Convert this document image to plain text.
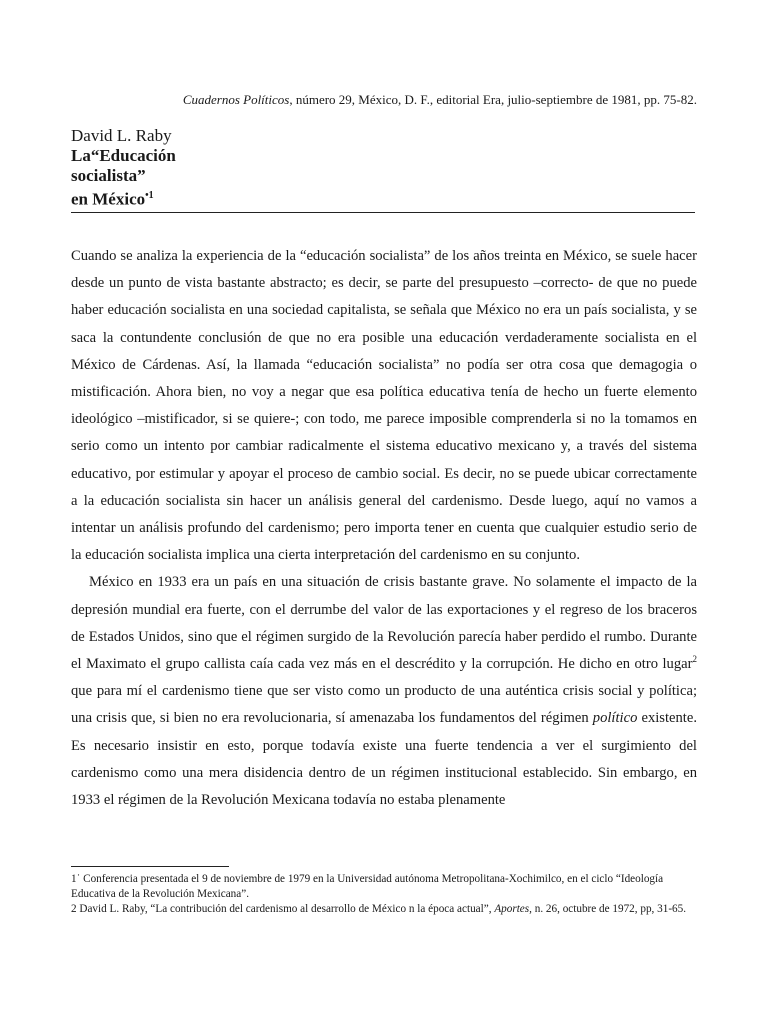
Cuadernos Políticos, número 29, México, D. F., editorial Era, julio-septiembre de 1981, pp. 75-82.
David L. Raby
La“Educación
socialista”
en México$^{•1}$

Cuando se analiza la experiencia de la “educación socialista” de los años treinta en México, se suele hacer desde un punto de vista bastante abstracto; es decir, se parte del presupuesto –correcto- de que no puede haber educación socialista en una sociedad capitalista, se señala que México no era un país socialista, y se saca la contundente conclusión de que no era posible una educación verdaderamente socialista en el México de Cárdenas. Así, la llamada “educación socialista” no podía ser otra cosa que demagogia o mistificación. Ahora bien, no voy a negar que esa política educativa tenía de hecho un fuerte elemento ideológico –mistificador, si se quiere-; con todo, me parece imposible comprenderla si no la tomamos en serio como un intento por cambiar radicalmente el sistema educativo mexicano y, a través del sistema educativo, por estimular y apoyar el proceso de cambio social. Es decir, no se puede ubicar correctamente a la educación socialista sin hacer un análisis general del cardenismo. Desde luego, aquí no vamos a intentar un análisis profundo del cardenismo; pero importa tener en cuenta que cualquier estudio serio de la educación socialista implica una cierta interpretación del cardenismo en su conjunto.

México en 1933 era un país en una situación de crisis bastante grave. No solamente el impacto de la depresión mundial era fuerte, con el derrumbe del valor de las exportaciones y el regreso de los braceros de Estados Unidos, sino que el régimen surgido de la Revolución parecía haber perdido el rumbo. Durante el Maximato el grupo callista caía cada vez más en el descrédito y la corrupción. He dicho en otro lugar$^2$ que para mí el cardenismo tiene que ser visto como un producto de una auténtica crisis social y política; una crisis que, si bien no era revolucionaria, sí amenazaba los fundamentos del régimen político existente. Es necesario insistir en esto, porque todavía existe una fuerte tendencia a ver el surgimiento del cardenismo como una mera disidencia dentro de un régimen institucional establecido. Sin embargo, en 1933 el régimen de la Revolución Mexicana todavía no estaba plenamente

1˙ Conferencia presentada el 9 de noviembre de 1979 en la Universidad autónoma Metropolitana-Xochimilco, en el ciclo “Ideología Educativa de la Revolución Mexicana”.

2 David L. Raby, “La contribución del cardenismo al desarrollo de México n la época actual”, Aportes, n. 26, octubre de 1972, pp, 31-65.
